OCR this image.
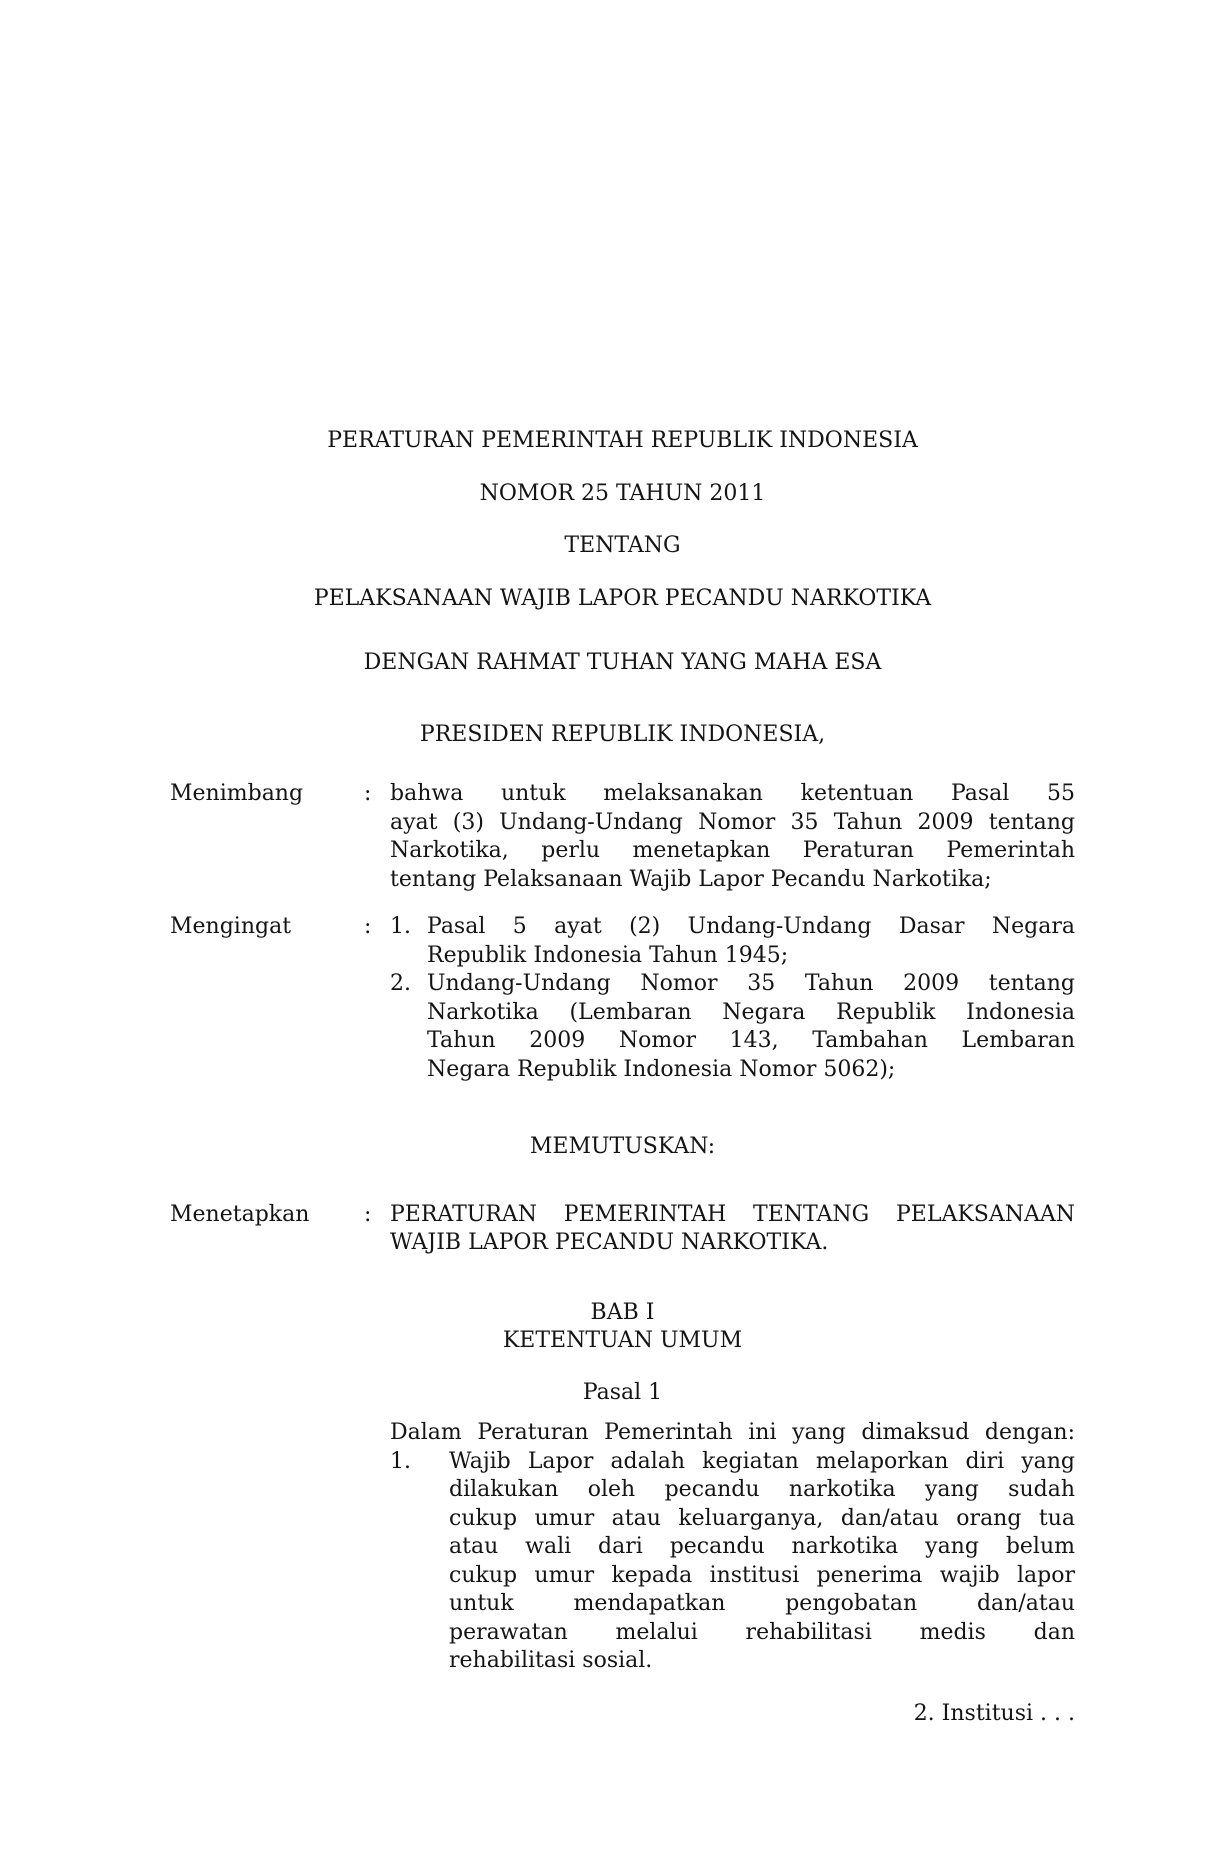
PERATURAN PEMERINTAH REPUBLIK INDONESIA
NOMOR 25 TAHUN 2011
TENTANG
PELAKSANAAN WAJIB LAPOR PECANDU NARKOTIKA
DENGAN RAHMAT TUHAN YANG MAHA ESA
PRESIDEN REPUBLIK INDONESIA,
Menimbang	: bahwa untuk melaksanakan ketentuan Pasal 55
ayat (3) Undang-Undang Nomor 35 Tahun 2009 tentang
Narkotika, perlu menetapkan Peraturan Pemerintah
tentang Pelaksanaan Wajib Lapor Pecandu Narkotika;
Mengingat	: 1. Pasal 5 ayat (2) Undang-Undang Dasar Negara
Republik Indonesia Tahun 1945;
2. Undang-Undang Nomor 35 Tahun 2009 tentang
Narkotika (Lembaran Negara Republik Indonesia
Tahun 2009 Nomor 143, Tambahan Lembaran
Negara Republik Indonesia Nomor 5062);
MEMUTUSKAN:
Menetapkan	: PERATURAN PEMERINTAH TENTANG PELAKSANAAN
WAJIB LAPOR PECANDU NARKOTIKA.
BAB I
KETENTUAN UMUM
Pasal 1
Dalam Peraturan Pemerintah ini yang dimaksud dengan:
1.	Wajib Lapor adalah kegiatan melaporkan diri yang
dilakukan oleh pecandu narkotika yang sudah
cukup umur atau keluarganya, dan/atau orang tua
atau wali dari pecandu narkotika yang belum
cukup umur kepada institusi penerima wajib lapor
untuk mendapatkan pengobatan dan/atau
perawatan melalui rehabilitasi medis dan
rehabilitasi sosial.
2. Institusi . . .
